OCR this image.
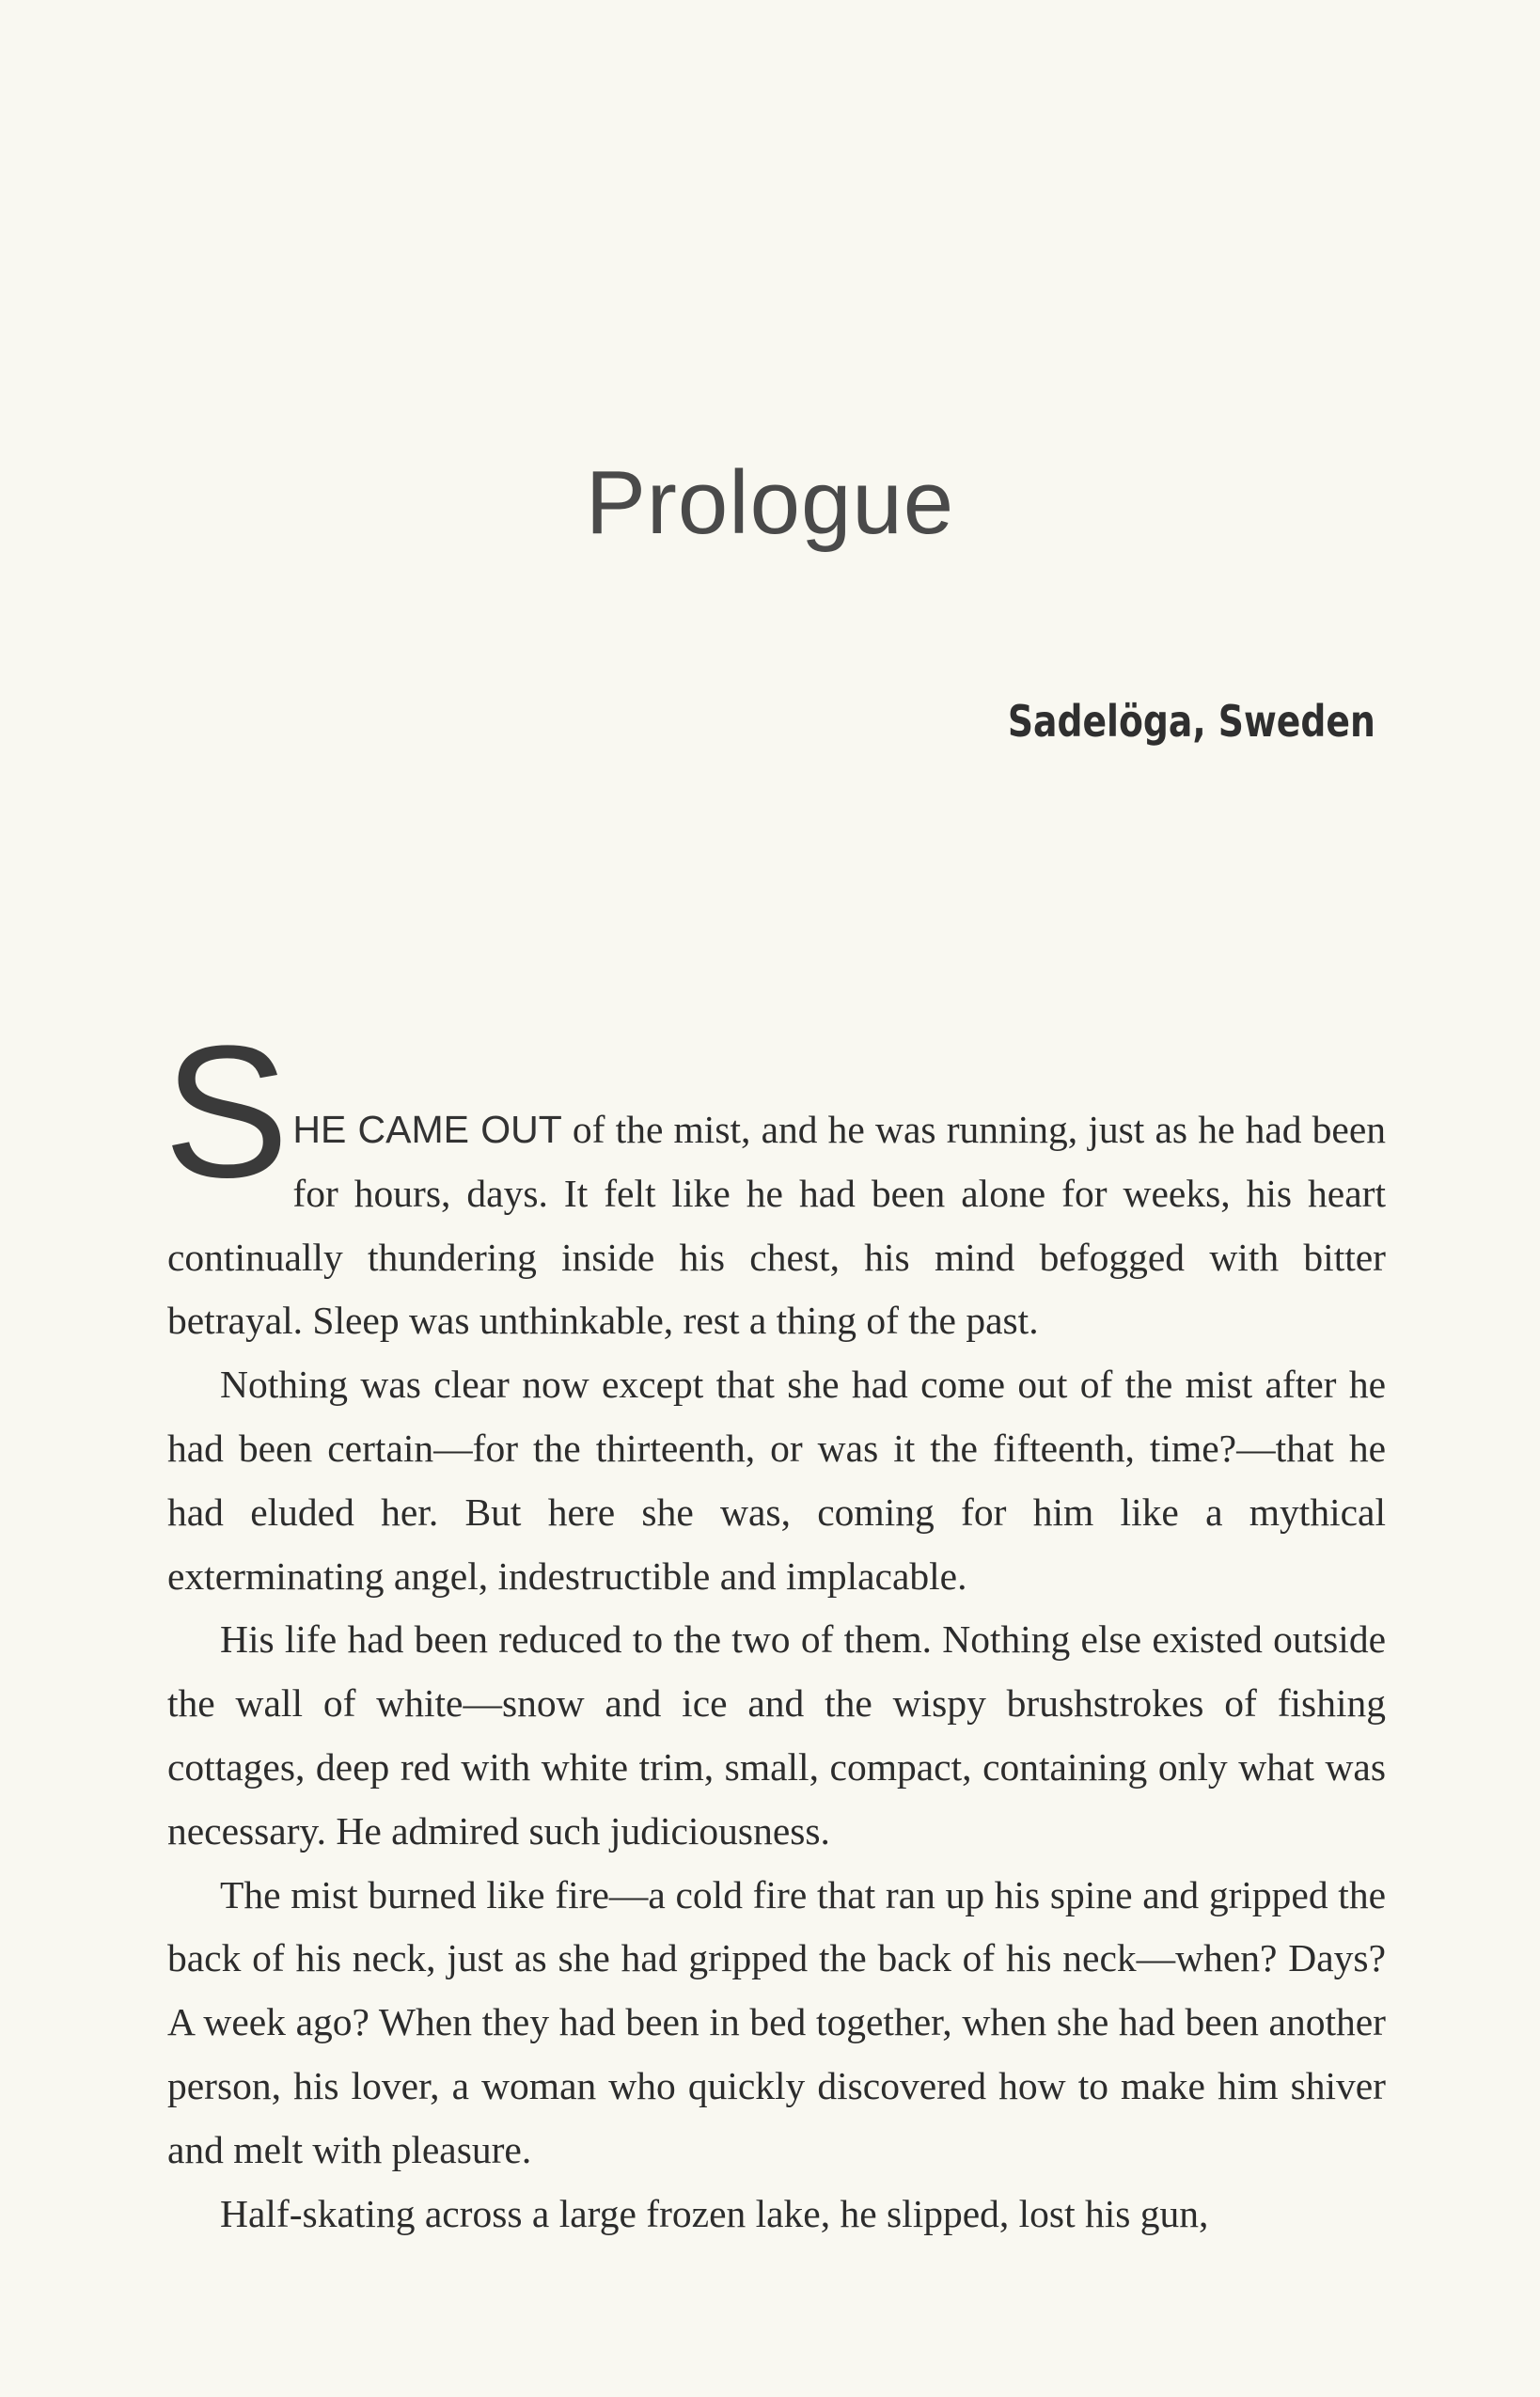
Prologue
Sadelöga, Sweden

SHE CAME OUT of the mist, and he was running, just as he had been for hours, days. It felt like he had been alone for weeks, his heart continually thundering inside his chest, his mind befogged with bitter betrayal. Sleep was unthinkable, rest a thing of the past.

Nothing was clear now except that she had come out of the mist after he had been certain—for the thirteenth, or was it the fifteenth, time?—that he had eluded her. But here she was, coming for him like a mythical exterminating angel, indestructible and implacable.

His life had been reduced to the two of them. Nothing else existed outside the wall of white—snow and ice and the wispy brushstrokes of fishing cottages, deep red with white trim, small, compact, containing only what was necessary. He admired such judiciousness.

The mist burned like fire—a cold fire that ran up his spine and gripped the back of his neck, just as she had gripped the back of his neck—when? Days? A week ago? When they had been in bed together, when she had been another person, his lover, a woman who quickly discovered how to make him shiver and melt with pleasure.

Half-skating across a large frozen lake, he slipped, lost his gun,
